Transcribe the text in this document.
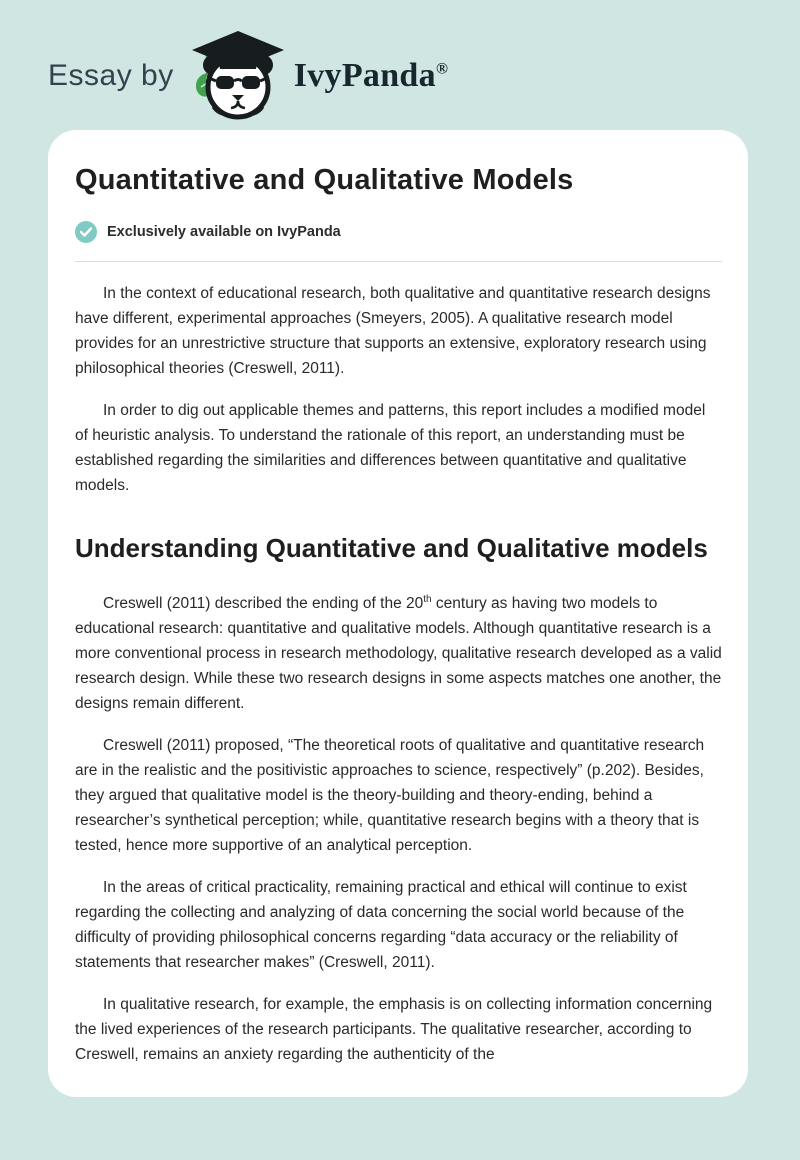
Essay by	IvyPanda®
Quantitative and Qualitative Models
Exclusively available on IvyPanda

In the context of educational research, both qualitative and quantitative research designs have different, experimental approaches (Smeyers, 2005). A qualitative research model provides for an unrestrictive structure that supports an extensive, exploratory research using philosophical theories (Creswell, 2011).

In order to dig out applicable themes and patterns, this report includes a modified model of heuristic analysis. To understand the rationale of this report, an understanding must be established regarding the similarities and differences between quantitative and qualitative models.

Understanding Quantitative and Qualitative models

Creswell (2011) described the ending of the 20th century as having two models to educational research: quantitative and qualitative models. Although quantitative research is a more conventional process in research methodology, qualitative research developed as a valid research design. While these two research designs in some aspects matches one another, the designs remain different.

Creswell (2011) proposed, “The theoretical roots of qualitative and quantitative research are in the realistic and the positivistic approaches to science, respectively” (p.202). Besides, they argued that qualitative model is the theory-building and theory-ending, behind a researcher’s synthetical perception; while, quantitative research begins with a theory that is tested, hence more supportive of an analytical perception.

In the areas of critical practicality, remaining practical and ethical will continue to exist regarding the collecting and analyzing of data concerning the social world because of the difficulty of providing philosophical concerns regarding “data accuracy or the reliability of statements that researcher makes” (Creswell, 2011).

In qualitative research, for example, the emphasis is on collecting information concerning the lived experiences of the research participants. The qualitative researcher, according to Creswell, remains an anxiety regarding the authenticity of the
